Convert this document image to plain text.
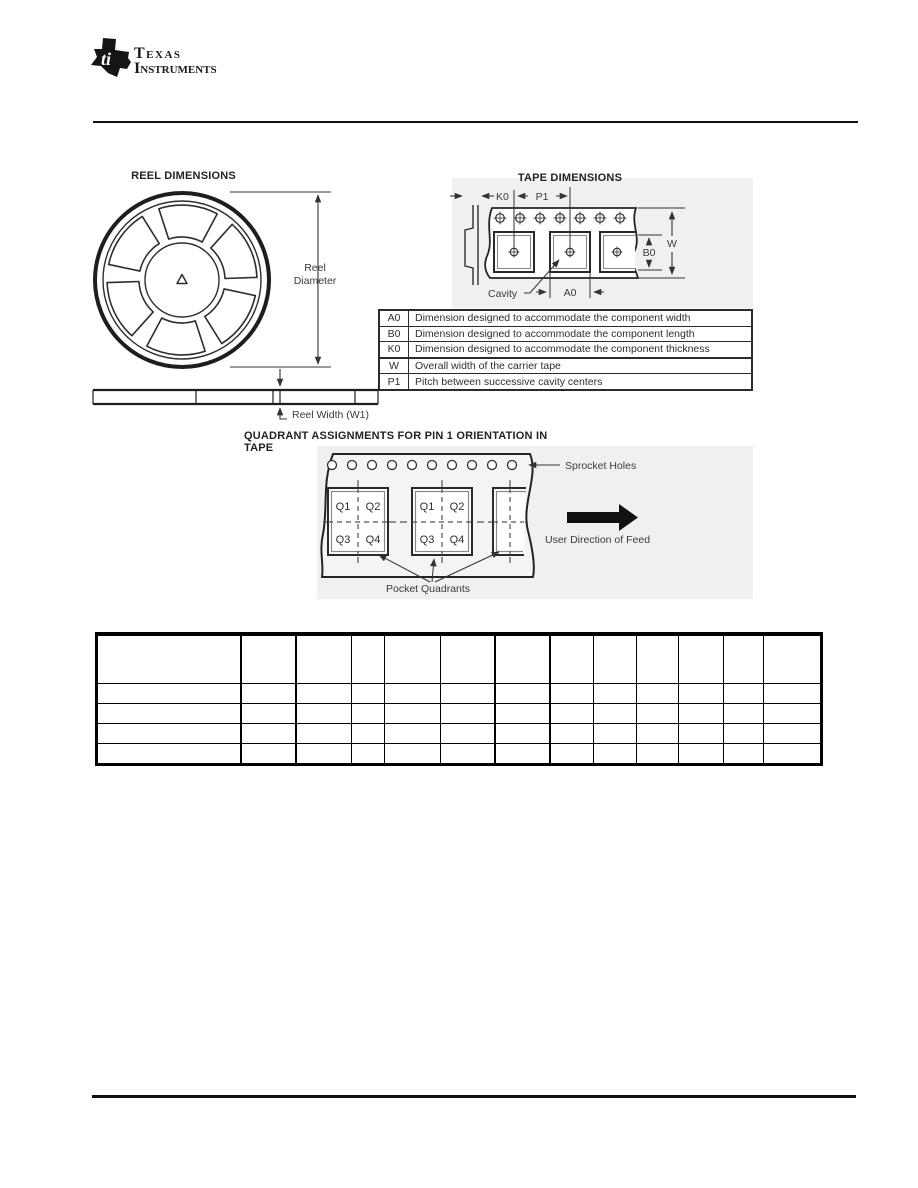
ti Texas
Instruments
REEL DIMENSIONS
Reel
Diameter
Reel Width (W1)
TAPE DIMENSIONS
K0	P1
B0
W
A0
Cavity
A0	Dimension designed to accommodate the component width
B0	Dimension designed to accommodate the component length
K0	Dimension designed to accommodate the component thickness
W	Overall width of the carrier tape
P1	Pitch between successive cavity centers
QUADRANT ASSIGNMENTS FOR PIN 1 ORIENTATION IN TAPE
Sprocket Holes
Q1 Q2
Q3 Q4
Q1 Q2
Q3 Q4	User Direction of Feed
Pocket Quadrants
